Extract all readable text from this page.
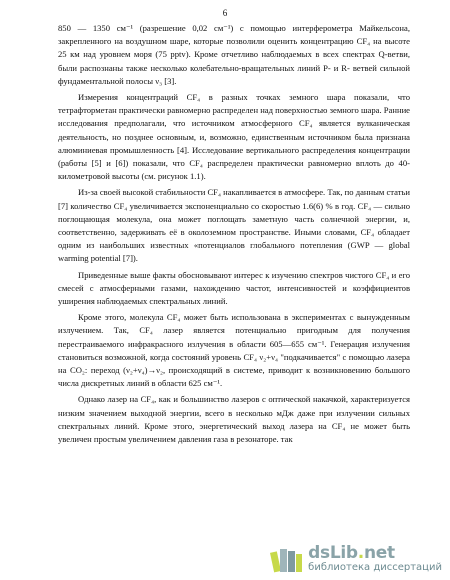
6

850 — 1350 см⁻¹ (разрешение 0,02 см⁻¹) с помощью интерферометра Майкельсона, закрепленного на воздушном шаре, которые позволили оценить концентрацию CF₄ на высоте 25 км над уровнем моря (75 pptv). Кроме отчетливо наблюдаемых в всех спектрах Q-ветви, были распознаны также несколько колебательно-вращательных линий P- и R- ветвей сильной фундаментальной полосы ν₃ [3].

Измерения концентраций CF₄ в разных точках земного шара показали, что тетрафторметан практически равномерно распределен над поверхностью земного шара. Ранние исследования предполагали, что источником атмосферного CF₄ является вулканическая деятельность, но позднее основным, и, возможно, единственным источником была признана алюминиевая промышленность [4]. Исследование вертикального распределения концентрации (работы [5] и [6]) показали, что CF₄ распределен практически равномерно вплоть до 40-километровой высоты (см. рисунок 1.1).

Из-за своей высокой стабильности CF₄ накапливается в атмосфере. Так, по данным статьи [7] количество CF₄ увеличивается экспоненциально со скоростью 1.6(6) % в год. CF₄ — сильно поглощающая молекула, она может поглощать заметную часть солнечной энергии, и, соответственно, задерживать её в околоземном пространстве. Иными словами, CF₄ обладает одним из наибольших известных «потенциалов глобального потепления (GWP — global warming potential [7]).

Приведенные выше факты обосновывают интерес к изучению спектров чистого CF₄ и его смесей с атмосферными газами, нахождению частот, интенсивностей и коэффициентов уширения наблюдаемых спектральных линий.

Кроме этого, молекула CF₄ может быть использована в экспериментах с вынужденным излучением. Так, CF₄ лазер является потенциально пригодным для получения перестраиваемого инфракрасного излучения в области 605—655 см⁻¹. Генерация излучения становиться возможной, когда состояний уровень CF₄ ν₂+ν₄ "подкачивается" с помощью лазера на CO₂: переход (ν₂+ν₄)→ν₂, происходящий в системе, приводит к возникновению большого числа дискретных линий в области 625 см⁻¹.

Однако лазер на CF₄, как и большинство лазеров с оптической накачкой, характеризуется низким значением выходной энергии, всего в несколько мДж даже при излучении сильных спектральных линий. Кроме этого, энергетический выход лазера на CF₄ не может быть увеличен простым увеличением давления газа в резонаторе. так

dsLib.net
библиотека диссертаций
